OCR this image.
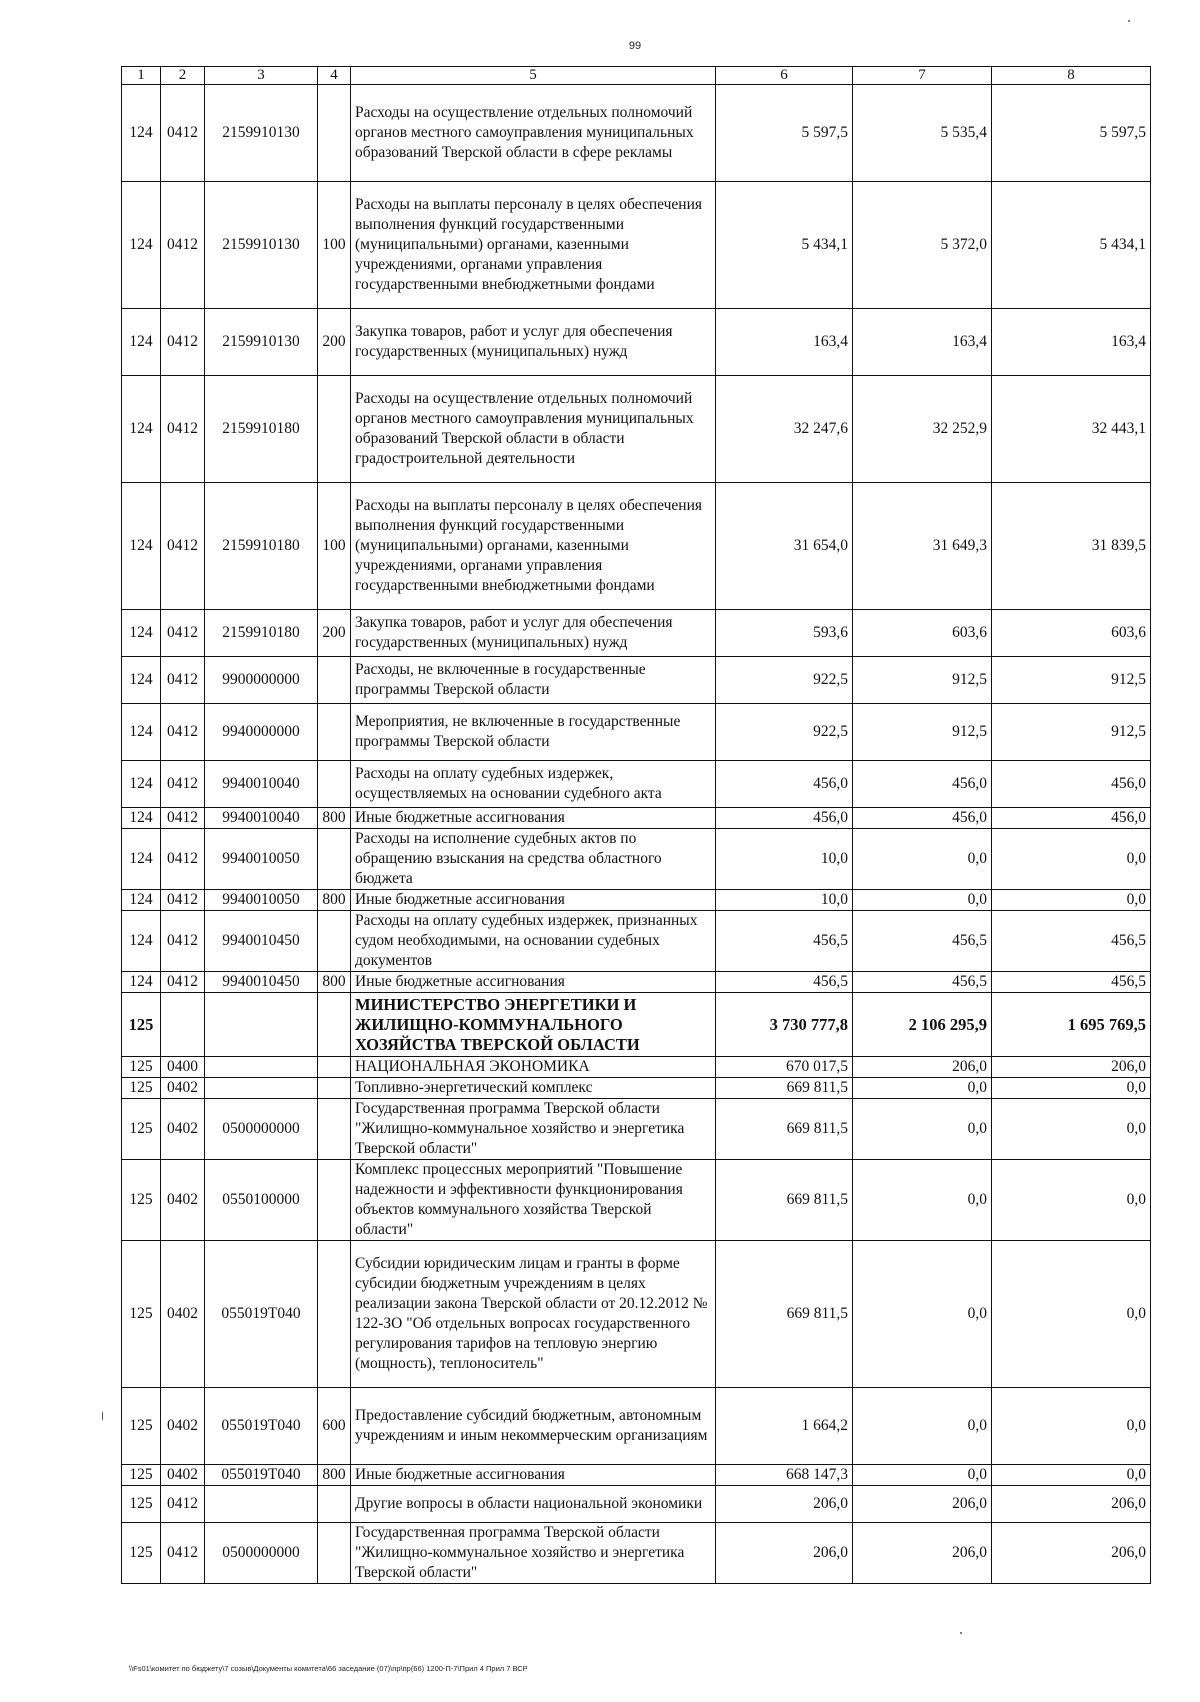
99
1	2	3	4	5	6	7	8
124	0412	2159910130		Расходы на осуществление отдельных полномочий органов местного самоуправления муниципальных образований Тверской области в сфере рекламы	5 597,5	5 535,4	5 597,5
124	0412	2159910130	100	Расходы на выплаты персоналу в целях обеспечения выполнения функций государственными (муниципальными) органами, казенными учреждениями, органами управления государственными внебюджетными фондами	5 434,1	5 372,0	5 434,1
124	0412	2159910130	200	Закупка товаров, работ и услуг для обеспечения государственных (муниципальных) нужд	163,4	163,4	163,4
124	0412	2159910180		Расходы на осуществление отдельных полномочий органов местного самоуправления муниципальных образований Тверской области в области градостроительной деятельности	32 247,6	32 252,9	32 443,1
124	0412	2159910180	100	Расходы на выплаты персоналу в целях обеспечения выполнения функций государственными (муниципальными) органами, казенными учреждениями, органами управления государственными внебюджетными фондами	31 654,0	31 649,3	31 839,5
124	0412	2159910180	200	Закупка товаров, работ и услуг для обеспечения государственных (муниципальных) нужд	593,6	603,6	603,6
124	0412	9900000000		Расходы, не включенные в государственные программы Тверской области	922,5	912,5	912,5
124	0412	9940000000		Мероприятия, не включенные в государственные программы Тверской области	922,5	912,5	912,5
124	0412	9940010040		Расходы на оплату судебных издержек, осуществляемых на основании судебного акта	456,0	456,0	456,0
124	0412	9940010040	800	Иные бюджетные ассигнования	456,0	456,0	456,0
124	0412	9940010050		Расходы на исполнение судебных актов по обращению взыскания на средства областного бюджета	10,0	0,0	0,0
124	0412	9940010050	800	Иные бюджетные ассигнования	10,0	0,0	0,0
124	0412	9940010450		Расходы на оплату судебных издержек, признанных судом необходимыми, на основании судебных документов	456,5	456,5	456,5
124	0412	9940010450	800	Иные бюджетные ассигнования	456,5	456,5	456,5
125				МИНИСТЕРСТВО ЭНЕРГЕТИКИ И ЖИЛИЩНО-КОММУНАЛЬНОГО ХОЗЯЙСТВА ТВЕРСКОЙ ОБЛАСТИ	3 730 777,8	2 106 295,9	1 695 769,5
125	0400			НАЦИОНАЛЬНАЯ ЭКОНОМИКА	670 017,5	206,0	206,0
125	0402			Топливно-энергетический комплекс	669 811,5	0,0	0,0
125	0402	0500000000		Государственная программа Тверской области "Жилищно-коммунальное хозяйство и энергетика Тверской области"	669 811,5	0,0	0,0
125	0402	0550100000		Комплекс процессных мероприятий "Повышение надежности и эффективности функционирования объектов коммунального хозяйства Тверской области"	669 811,5	0,0	0,0
125	0402	055019Т040		Субсидии юридическим лицам и гранты в форме субсидии бюджетным учреждениям в целях реализации закона Тверской области от 20.12.2012 № 122-ЗО "Об отдельных вопросах государственного регулирования тарифов на тепловую энергию (мощность), теплоноситель"	669 811,5	0,0	0,0
125	0402	055019Т040	600	Предоставление субсидий бюджетным, автономным учреждениям и иным некоммерческим организациям	1 664,2	0,0	0,0
125	0402	055019Т040	800	Иные бюджетные ассигнования	668 147,3	0,0	0,0
125	0412			Другие вопросы в области национальной экономики	206,0	206,0	206,0
125	0412	0500000000		Государственная программа Тверской области "Жилищно-коммунальное хозяйство и энергетика Тверской области"	206,0	206,0	206,0
\\Fs01\комитет по бюджету\7 созыв\Документы комитета\66 заседание (07)\пр\пр(66) 1200-П-7\Прил 4 Прил 7 ВСР
